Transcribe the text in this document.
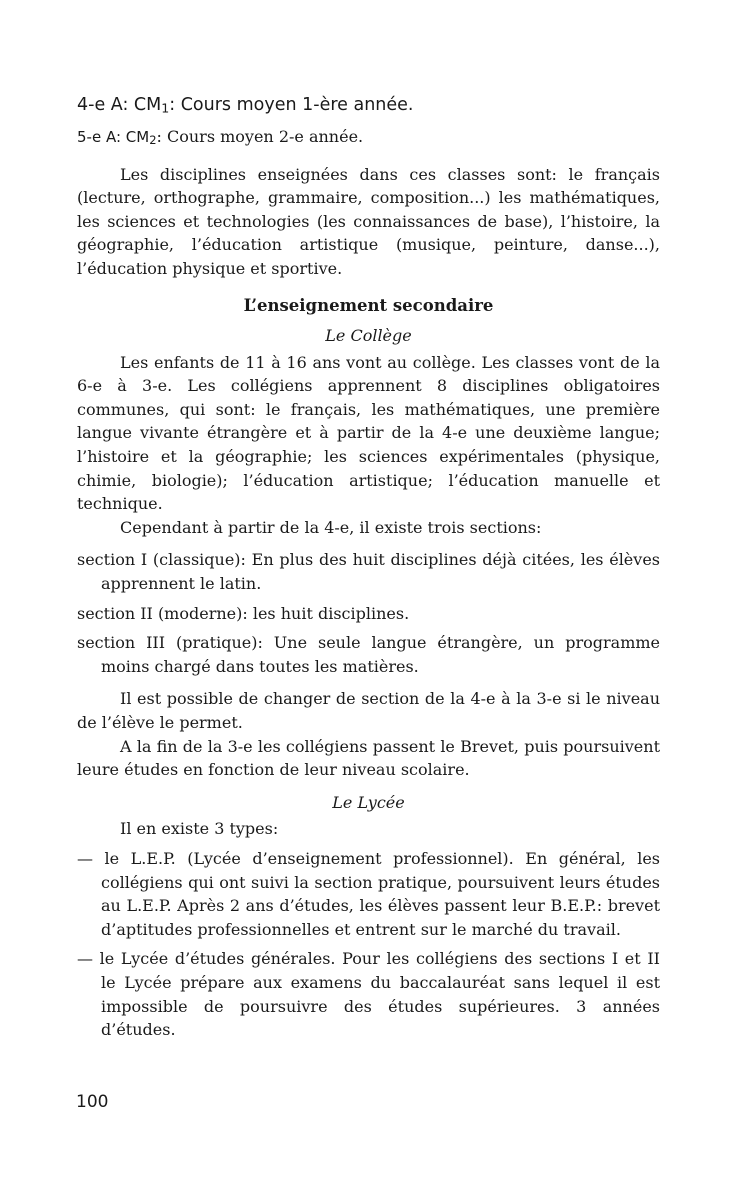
4-e A: CM1: Cours moyen 1-ère année.

5-e A: CM2: Cours moyen 2-e année.

Les disciplines enseignées dans ces classes sont: le français (lecture, orthographe, grammaire, composition...) les mathématiques, les sciences et technologies (les connaissances de base), l’histoire, la géographie, l’éducation artistique (musique, peinture, danse...), l’éducation physique et sportive.

L’enseignement secondaire

Le Collège

Les enfants de 11 à 16 ans vont au collège. Les classes vont de la 6-e à 3-e. Les collégiens apprennent 8 disciplines obligatoires communes, qui sont: le français, les mathématiques, une première langue vivante étrangère et à partir de la 4-e une deuxième langue; l’histoire et la géographie; les sciences expérimentales (physique, chimie, biologie); l’éducation artistique; l’éducation manuelle et technique.

Cependant à partir de la 4-e, il existe trois sections:

section I (classique): En plus des huit disciplines déjà citées, les élèves apprennent le latin.

section II (moderne): les huit disciplines.

section III (pratique): Une seule langue étrangère, un programme moins chargé dans toutes les matières.

Il est possible de changer de section de la 4-e à la 3-e si le niveau de l’élève le permet.

A la fin de la 3-e les collégiens passent le Brevet, puis poursuivent leure études en fonction de leur niveau scolaire.

Le Lycée

Il en existe 3 types:

— le L.E.P. (Lycée d’enseignement professionnel). En général, les collégiens qui ont suivi la section pratique, poursuivent leurs études au L.E.P. Après 2 ans d’études, les élèves passent leur B.E.P.: brevet d’aptitudes professionnelles et entrent sur le marché du travail.

— le Lycée d’études générales. Pour les collégiens des sections I et II le Lycée prépare aux examens du baccalauréat sans lequel il est impossible de poursuivre des études supérieures. 3 années d’études.

100
